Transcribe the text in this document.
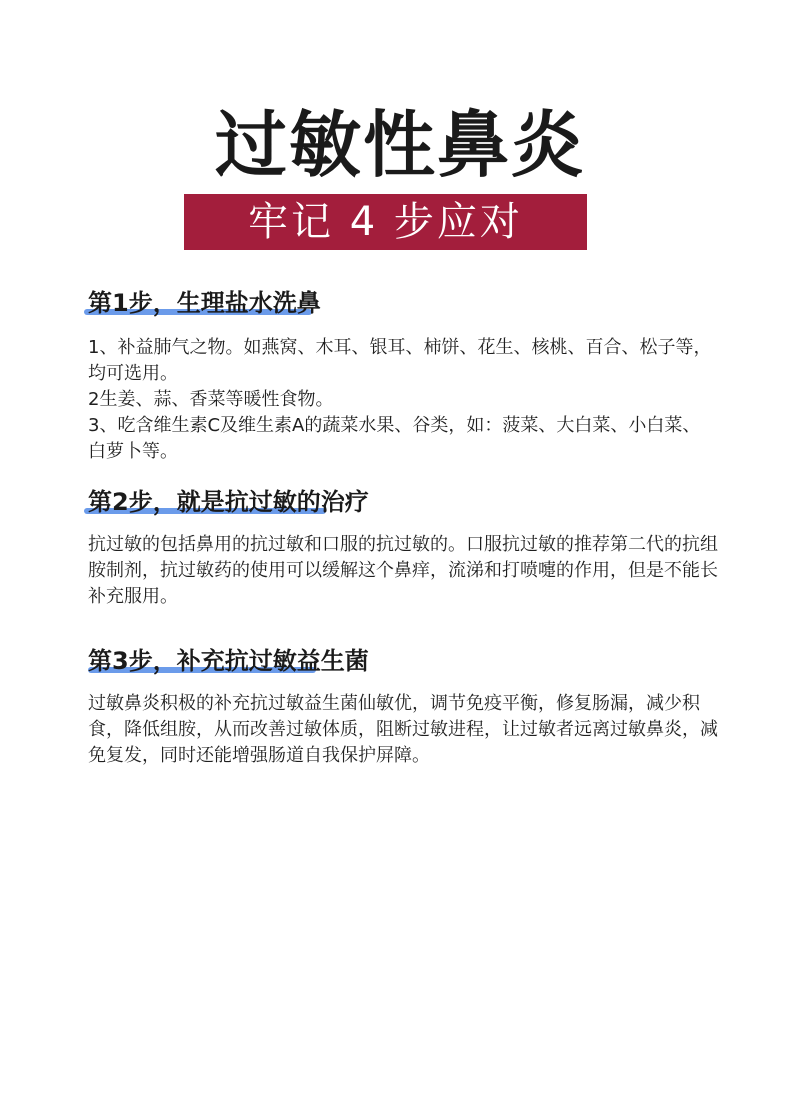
过敏性鼻炎
牢记 4 步应对
第1步，生理盐水洗鼻

1、补益肺气之物。如燕窝、木耳、银耳、柿饼、花生、核桃、百合、松子等，均可选用。

2生姜、蒜、香菜等暖性食物。

3、吃含维生素C及维生素A的蔬菜水果、谷类，如：菠菜、大白菜、小白菜、白萝卜等。

第2步，就是抗过敏的治疗

抗过敏的包括鼻用的抗过敏和口服的抗过敏的。口服抗过敏的推荐第二代的抗组胺制剂，抗过敏药的使用可以缓解这个鼻痒，流涕和打喷嚏的作用，但是不能长补充服用。

第3步，补充抗过敏益生菌

过敏鼻炎积极的补充抗过敏益生菌仙敏优，调节免疫平衡，修复肠漏，减少积食，降低组胺，从而改善过敏体质，阻断过敏进程，让过敏者远离过敏鼻炎，减免复发，同时还能增强肠道自我保护屏障。
